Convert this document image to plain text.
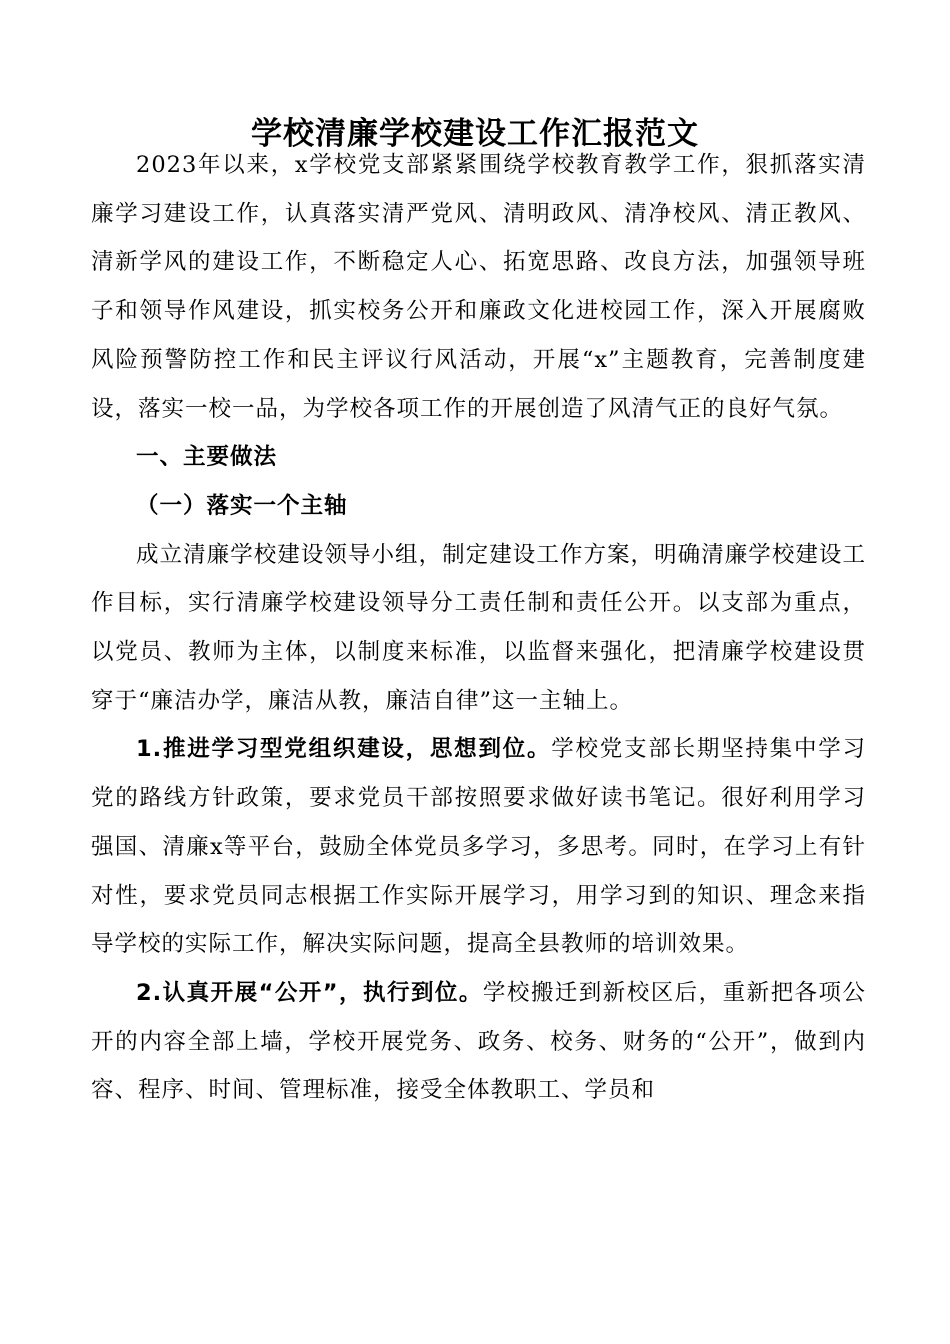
学校清廉学校建设工作汇报范文

2023年以来，x学校党支部紧紧围绕学校教育教学工作，狠抓落实清廉学习建设工作，认真落实清严党风、清明政风、清净校风、清正教风、清新学风的建设工作，不断稳定人心、拓宽思路、改良方法，加强领导班子和领导作风建设，抓实校务公开和廉政文化进校园工作，深入开展腐败风险预警防控工作和民主评议行风活动，开展“x”主题教育，完善制度建设，落实一校一品，为学校各项工作的开展创造了风清气正的良好气氛。

一、主要做法

（一）落实一个主轴

成立清廉学校建设领导小组，制定建设工作方案，明确清廉学校建设工作目标，实行清廉学校建设领导分工责任制和责任公开。以支部为重点，以党员、教师为主体，以制度来标准，以监督来强化，把清廉学校建设贯穿于“廉洁办学，廉洁从教，廉洁自律”这一主轴上。

1.推进学习型党组织建设，思想到位。学校党支部长期坚持集中学习党的路线方针政策，要求党员干部按照要求做好读书笔记。很好利用学习强国、清廉x等平台，鼓励全体党员多学习，多思考。同时，在学习上有针对性，要求党员同志根据工作实际开展学习，用学习到的知识、理念来指导学校的实际工作，解决实际问题，提高全县教师的培训效果。

2.认真开展“公开”，执行到位。学校搬迁到新校区后，重新把各项公开的内容全部上墙，学校开展党务、政务、校务、财务的“公开”，做到内容、程序、时间、管理标准，接受全体教职工、学员和
